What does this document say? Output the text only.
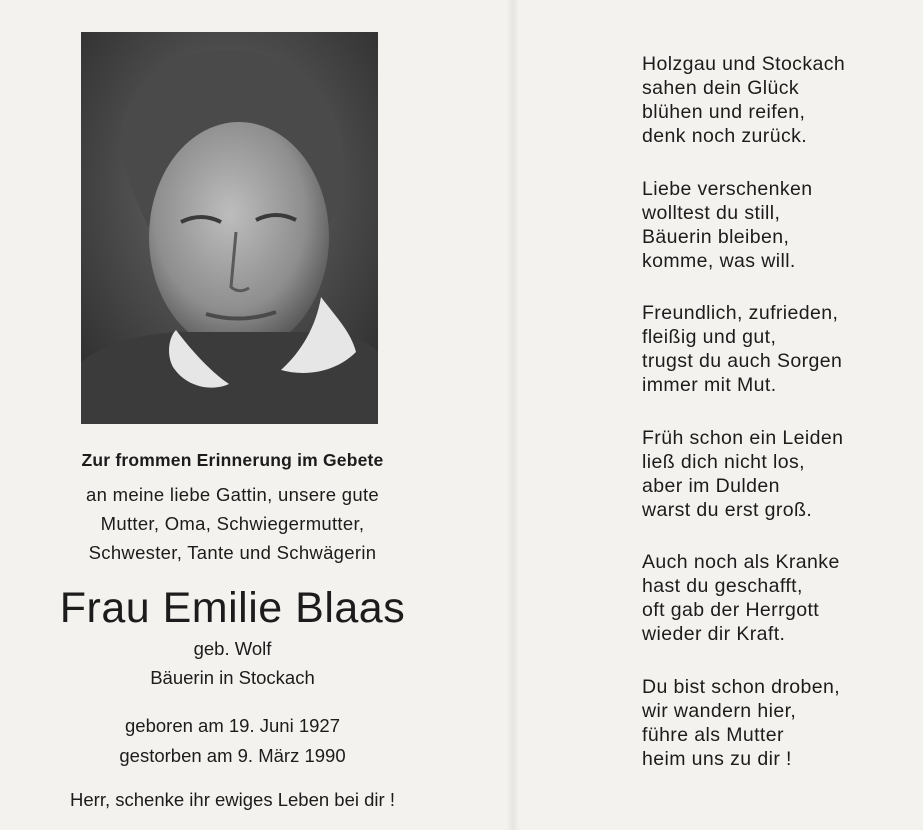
Zur frommen Erinnerung im Gebete
an meine liebe Gattin, unsere gute
Mutter, Oma, Schwiegermutter,
Schwester, Tante und Schwägerin
Frau Emilie Blaas
geb. Wolf
Bäuerin in Stockach
geboren am 19. Juni 1927
gestorben am 9. März 1990
Herr, schenke ihr ewiges Leben bei dir !
Holzgau und Stockach
sahen dein Glück
blühen und reifen,
denk noch zurück.
Liebe verschenken
wolltest du still,
Bäuerin bleiben,
komme, was will.
Freundlich, zufrieden,
fleißig und gut,
trugst du auch Sorgen
immer mit Mut.
Früh schon ein Leiden
ließ dich nicht los,
aber im Dulden
warst du erst groß.
Auch noch als Kranke
hast du geschafft,
oft gab der Herrgott
wieder dir Kraft.
Du bist schon droben,
wir wandern hier,
führe als Mutter
heim uns zu dir !
